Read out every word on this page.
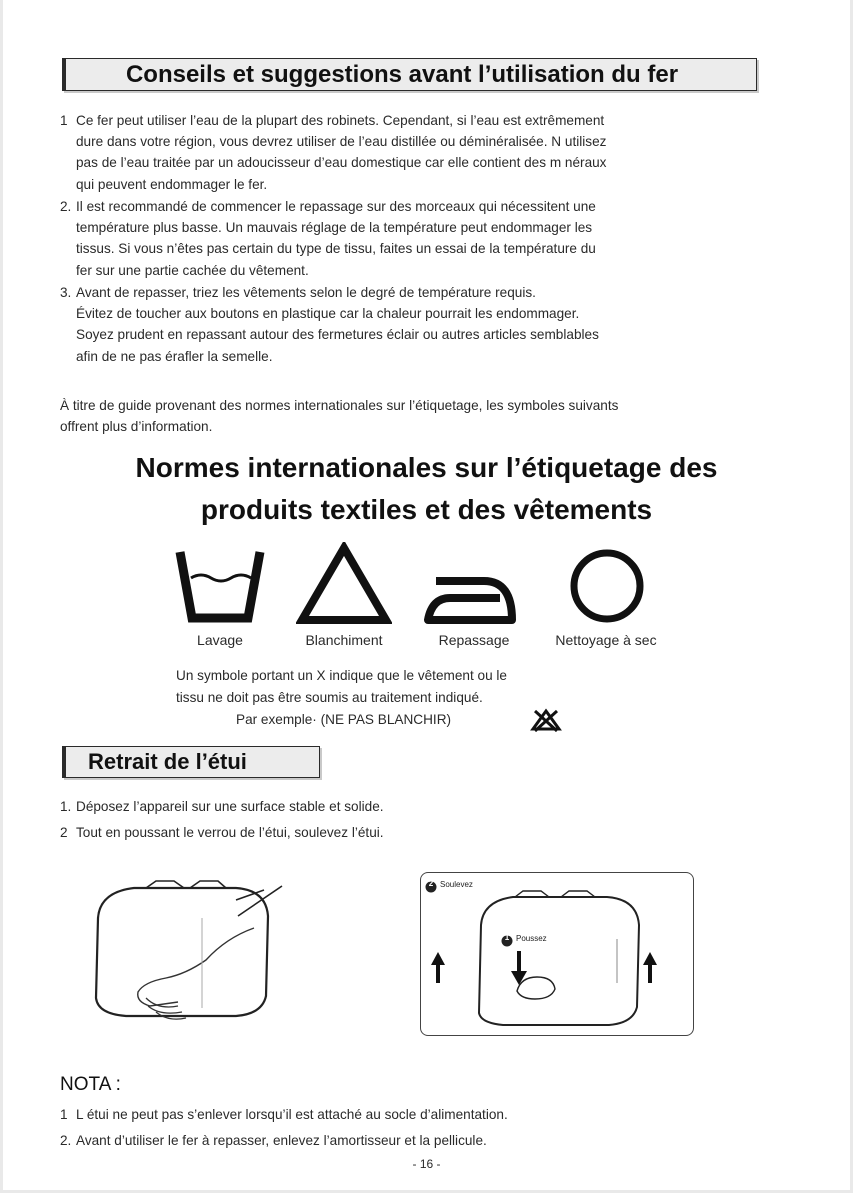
Conseils et suggestions avant l’utilisation du fer
1 Ce fer peut utiliser l’eau de la plupart des robinets. Cependant, si l’eau est extrêmement
dure dans votre région, vous devrez utiliser de l’eau distillée ou déminéralisée. N utilisez
pas de l’eau traitée par un adoucisseur d’eau domestique car elle contient des m néraux
qui peuvent endommager le fer.
2. Il est recommandé de commencer le repassage sur des morceaux qui nécessitent une
température plus basse. Un mauvais réglage de la température peut endommager les
tissus. Si vous n’êtes pas certain du type de tissu, faites un essai de la température du
fer sur une partie cachée du vêtement.
3. Avant de repasser, triez les vêtements selon le degré de température requis.
Évitez de toucher aux boutons en plastique car la chaleur pourrait les endommager.
Soyez prudent en repassant autour des fermetures éclair ou autres articles semblables
afin de ne pas érafler la semelle.
À titre de guide provenant des normes internationales sur l’étiquetage, les symboles suivants
offrent plus d’information.
Normes internationales sur l’étiquetage des
produits textiles et des vêtements
Lavage	Blanchiment	Repassage	Nettoyage à sec
Un symbole portant un X indique que le vêtement ou le
tissu ne doit pas être soumis au traitement indiqué.
Par exemple· (NE PAS BLANCHIR)
Retrait de l’étui
1. Déposez l’appareil sur une surface stable et solide.
2 Tout en poussant le verrou de l’étui, soulevez l’étui.
2 Soulevez
1 Poussez
NOTA :
1 L étui ne peut pas s’enlever lorsqu’il est attaché au socle d’alimentation.
2. Avant d’utiliser le fer à repasser, enlevez l’amortisseur et la pellicule.
- 16 -
